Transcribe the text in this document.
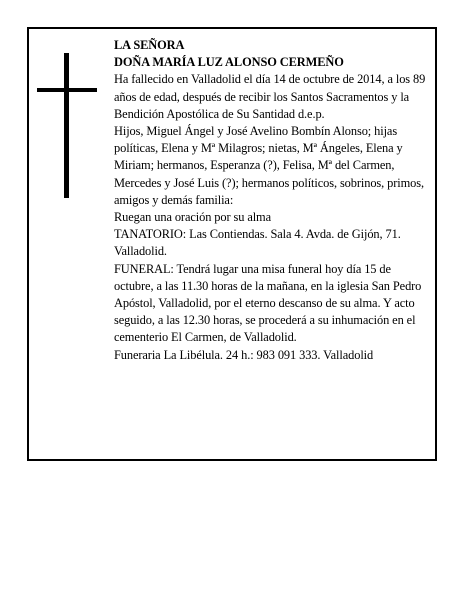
LA SEÑORA

DOÑA MARÍA LUZ ALONSO CERMEÑO

Ha fallecido en Valladolid el día 14 de octubre de 2014, a los 89 años de edad, después de recibir los Santos Sacramentos y la Bendición Apostólica de Su Santidad d.e.p.

Hijos, Miguel Ángel y José Avelino Bombín Alonso; hijas políticas, Elena y Mª Milagros; nietas, Mª Ángeles, Elena y Miriam; hermanos, Esperanza (?), Felisa, Mª del Carmen, Mercedes y José Luis (?); hermanos políticos, sobrinos, primos, amigos y demás familia:

Ruegan una oración por su alma

TANATORIO: Las Contiendas. Sala 4. Avda. de Gijón, 71. Valladolid.

FUNERAL: Tendrá lugar una misa funeral hoy día 15 de octubre, a las 11.30 horas de la mañana, en la iglesia San Pedro Apóstol, Valladolid, por el eterno descanso de su alma. Y acto seguido, a las 12.30 horas, se procederá a su inhumación en el cementerio El Carmen, de Valladolid.

Funeraria La Libélula. 24 h.: 983 091 333. Valladolid
